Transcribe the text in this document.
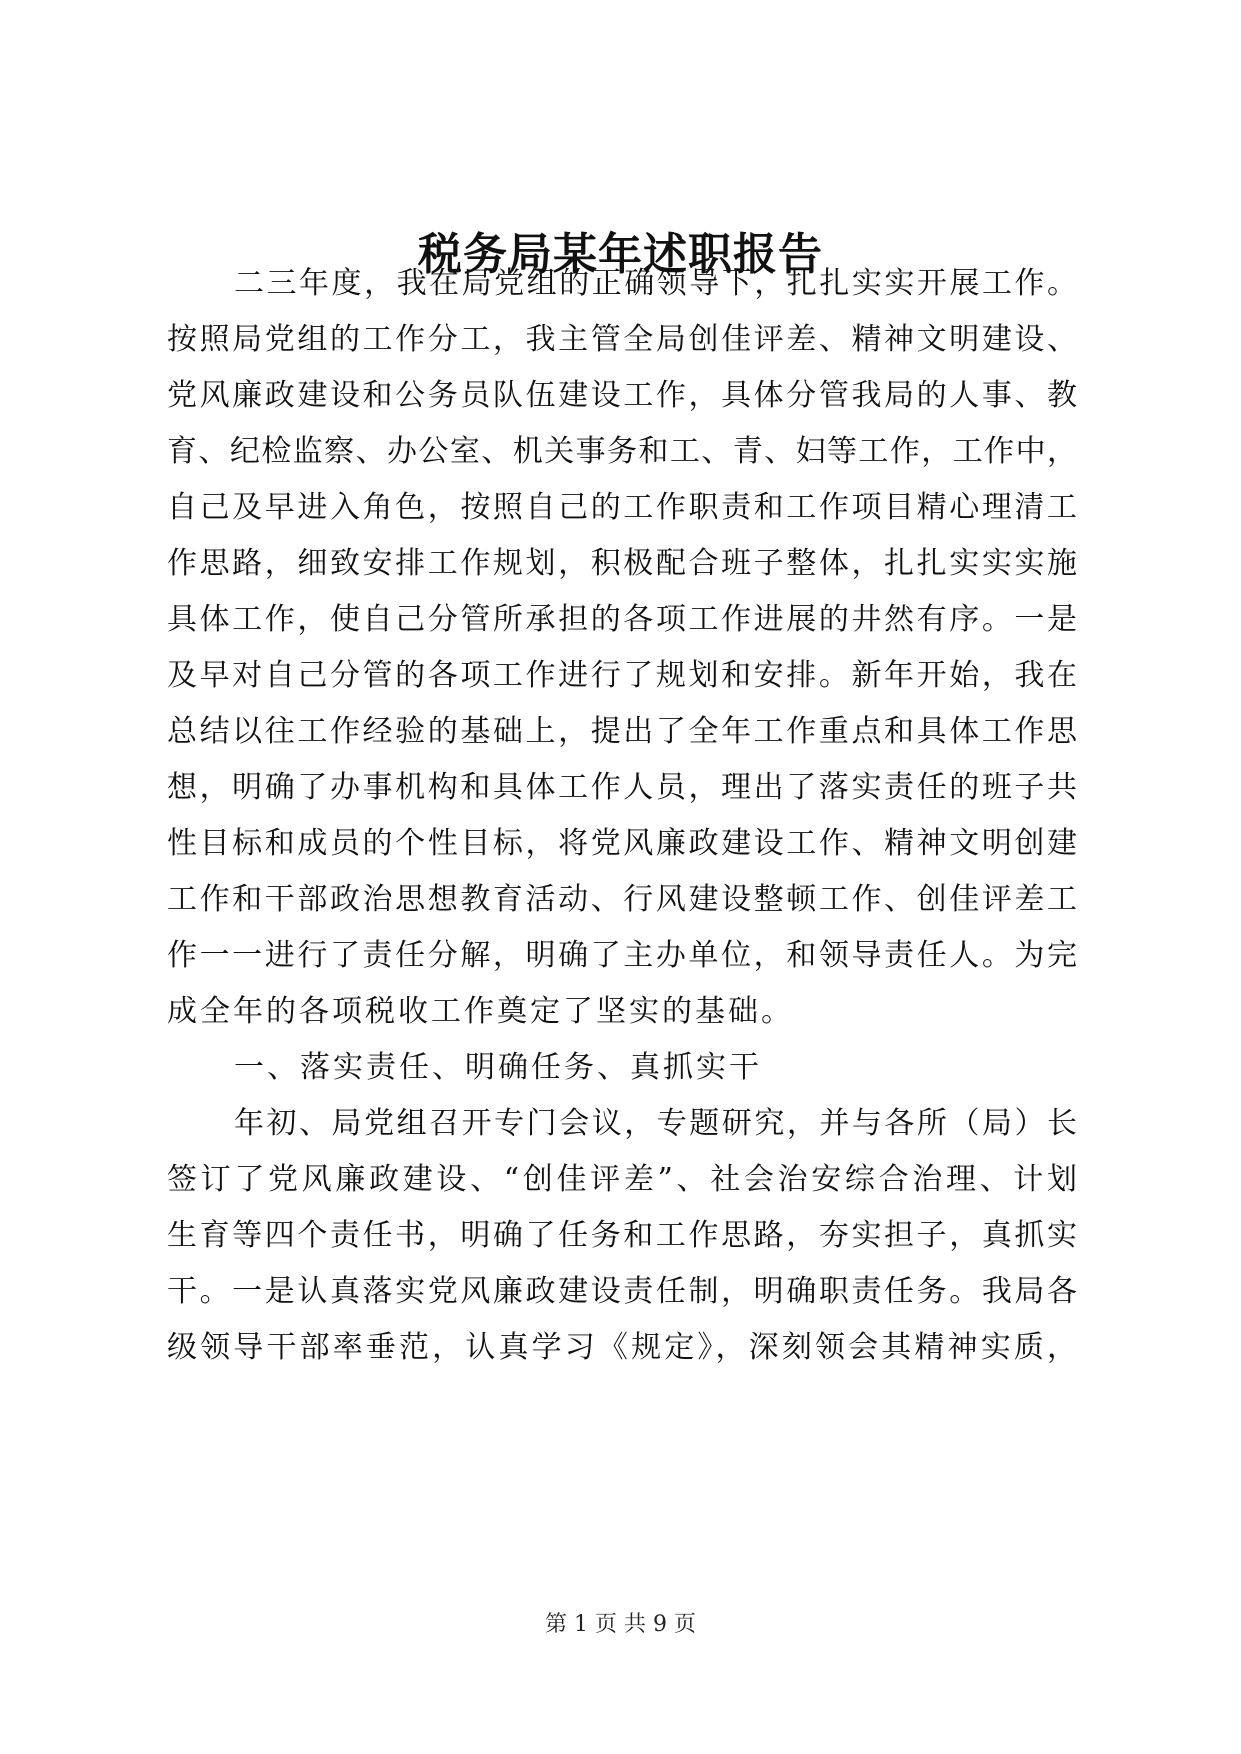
税务局某年述职报告

二三年度，我在局党组的正确领导下，扎扎实实开展工作。

按照局党组的工作分工，我主管全局创佳评差、精神文明建设、

党风廉政建设和公务员队伍建设工作，具体分管我局的人事、教

育、纪检监察、办公室、机关事务和工、青、妇等工作，工作中，

自己及早进入角色，按照自己的工作职责和工作项目精心理清工

作思路，细致安排工作规划，积极配合班子整体，扎扎实实实施

具体工作，使自己分管所承担的各项工作进展的井然有序。一是

及早对自己分管的各项工作进行了规划和安排。新年开始，我在

总结以往工作经验的基础上，提出了全年工作重点和具体工作思

想，明确了办事机构和具体工作人员，理出了落实责任的班子共

性目标和成员的个性目标，将党风廉政建设工作、精神文明创建

工作和干部政治思想教育活动、行风建设整顿工作、创佳评差工

作一一进行了责任分解，明确了主办单位，和领导责任人。为完

成全年的各项税收工作奠定了坚实的基础。

一、落实责任、明确任务、真抓实干

年初、局党组召开专门会议，专题研究，并与各所（局）长

签订了党风廉政建设、“创佳评差”、社会治安综合治理、计划

生育等四个责任书，明确了任务和工作思路，夯实担子，真抓实

干。一是认真落实党风廉政建设责任制，明确职责任务。我局各

级领导干部率垂范，认真学习《规定》，深刻领会其精神实质，

第 1 页 共 9 页
